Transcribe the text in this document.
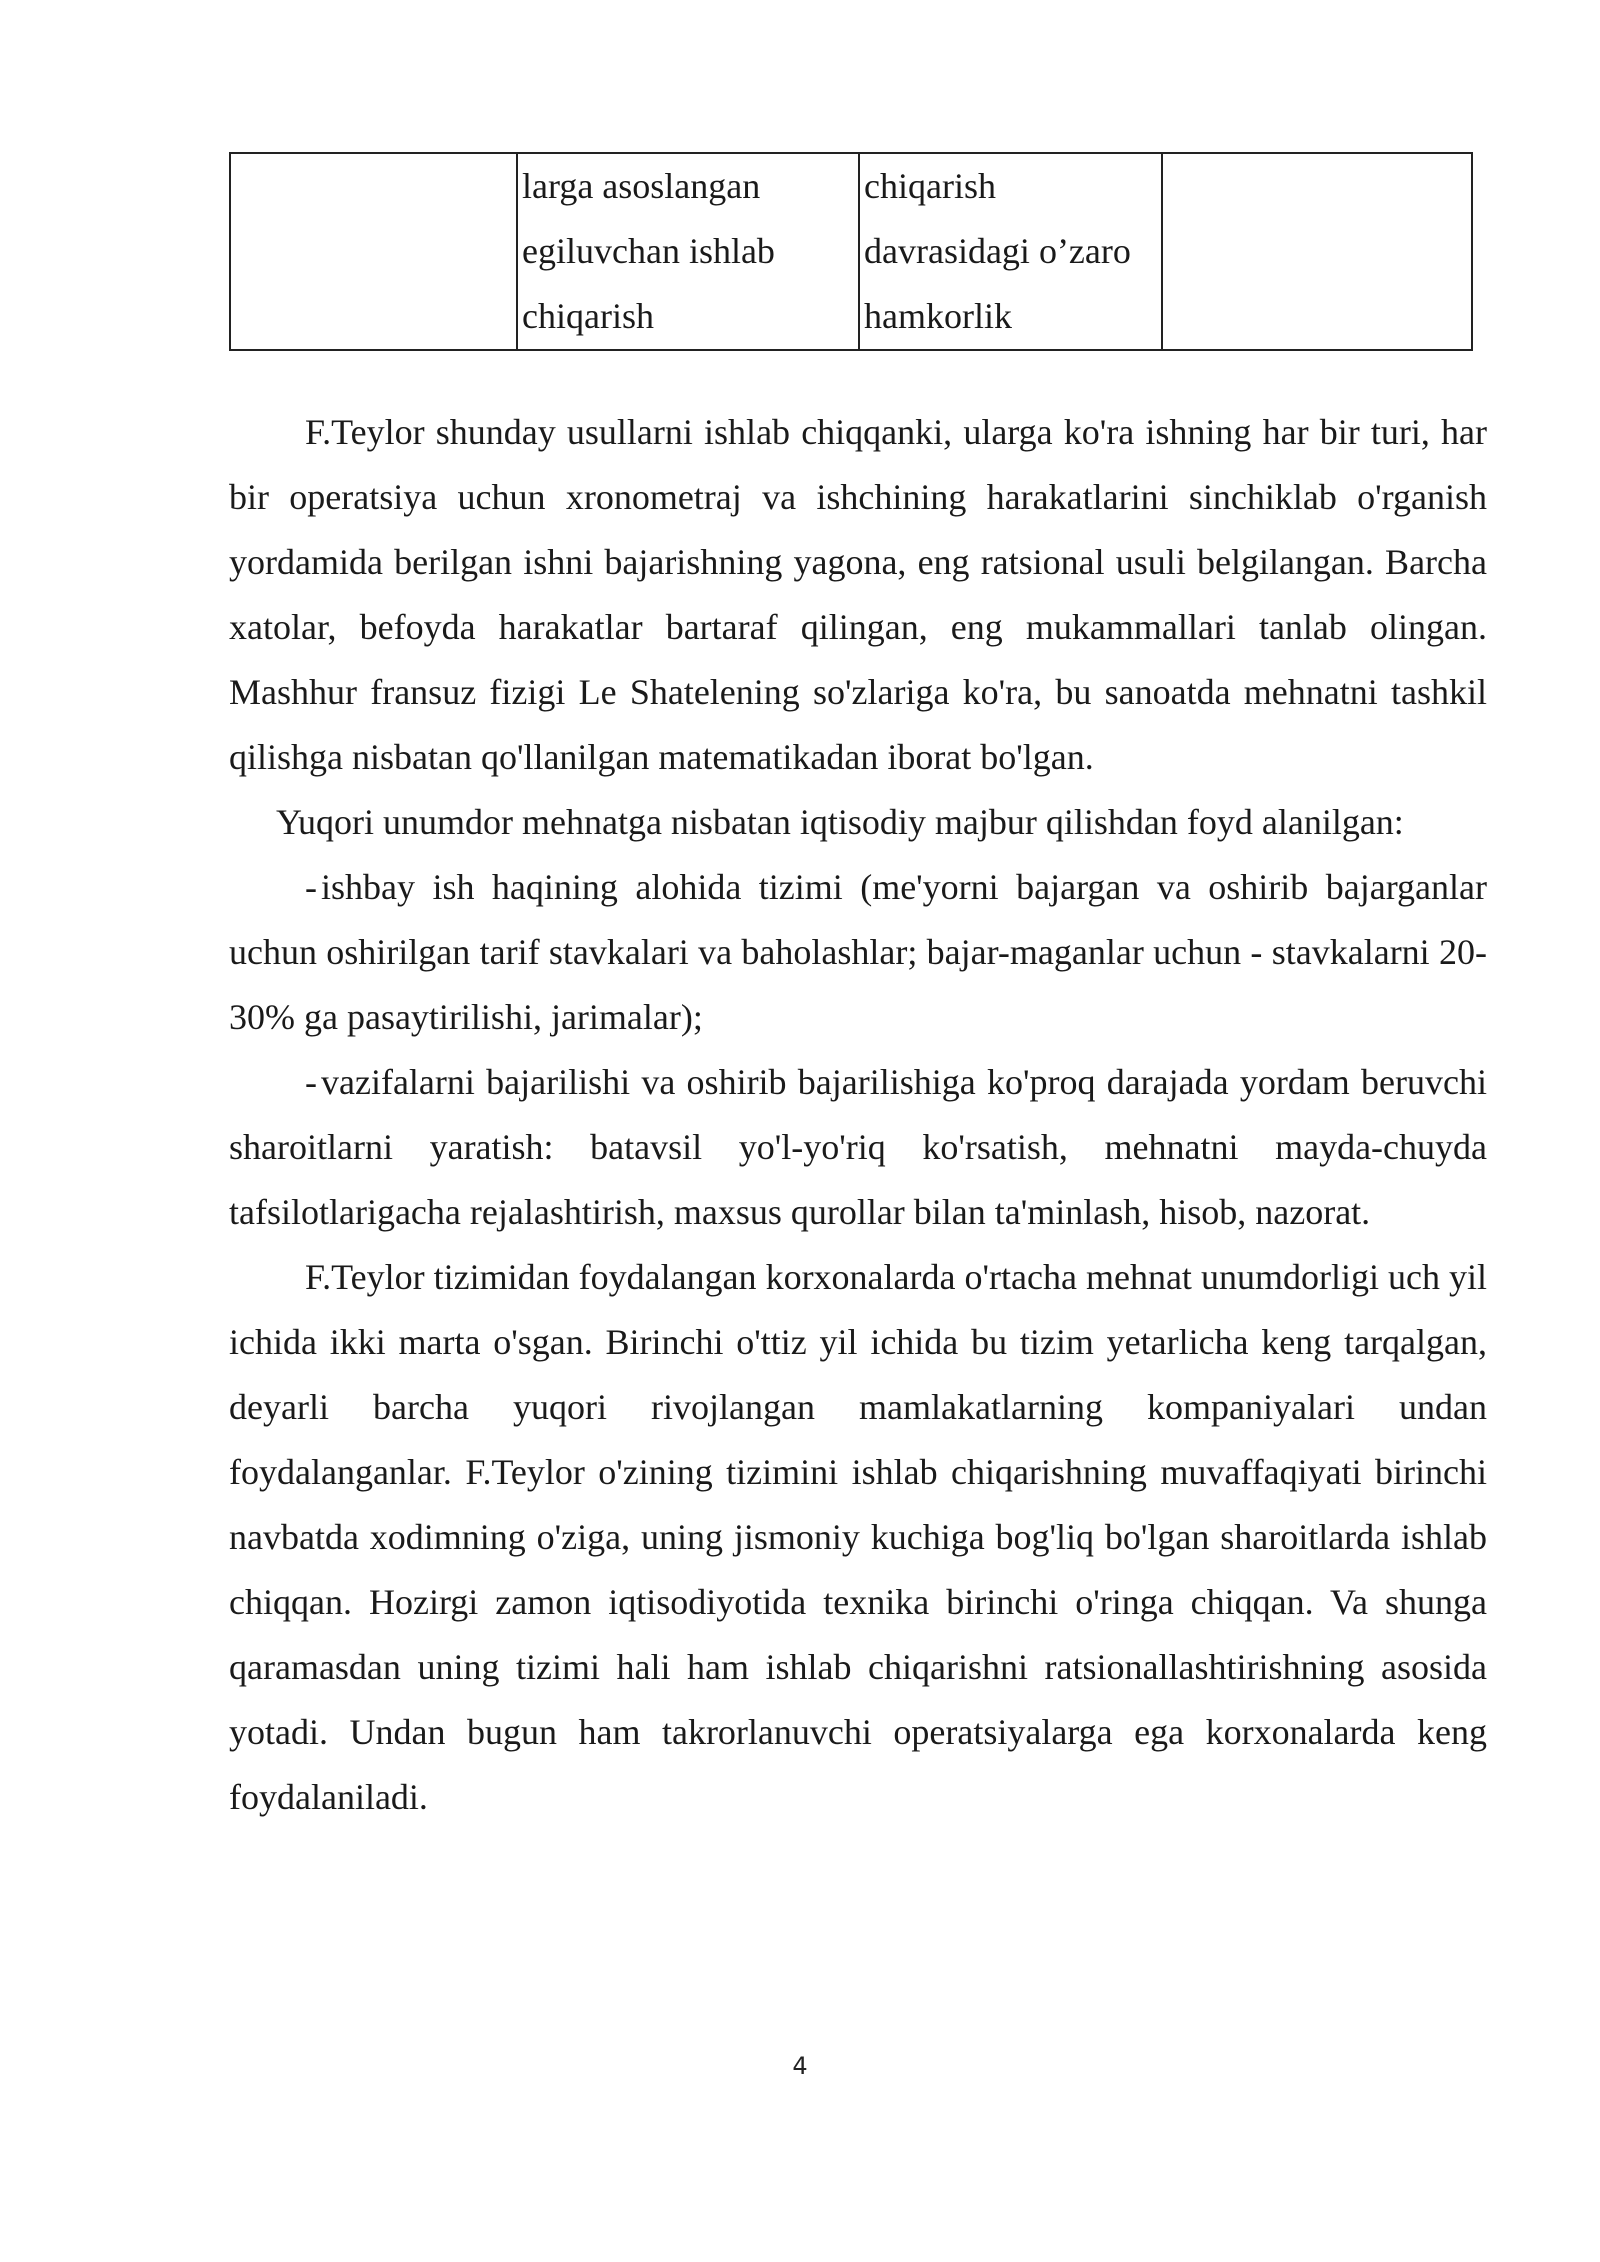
	larga asoslangan egiluvchan ishlab chiqarish	chiqarish davrasidagi o’zaro hamkorlik	

F.Teylor shunday usullarni ishlab chiqqanki, ularga ko'ra ishning har bir turi, har bir operatsiya uchun xronometraj va ishchining harakatlarini sinchiklab o'rganish yordamida berilgan ishni bajarishning yagona, eng ratsional usuli belgilangan. Barcha xatolar, befoyda harakatlar bartaraf qilingan, eng mukammallari tanlab olingan. Mashhur fransuz fizigi Le Shatelening so'zlariga ko'ra, bu sanoatda mehnatni tashkil qilishga nisbatan qo'llanilgan matematikadan iborat bo'lgan.

Yuqori unumdor mehnatga nisbatan iqtisodiy majbur qilishdan foyd alanilgan:

- ishbay ish haqining alohida tizimi (me'yorni bajargan va oshirib bajarganlar uchun oshirilgan tarif stavkalari va baholashlar; bajar-maganlar uchun - stavkalarni 20-30% ga pasaytirilishi, jarimalar);

- vazifalarni bajarilishi va oshirib bajarilishiga ko'proq darajada yordam beruvchi sharoitlarni yaratish: batavsil yo'l-yo'riq ko'rsatish, mehnatni mayda-chuyda tafsilotlarigacha rejalashtirish, maxsus qurollar bilan ta'minlash, hisob, nazorat.

F.Teylor tizimidan foydalangan korxonalarda o'rtacha mehnat unumdorligi uch yil ichida ikki marta o'sgan. Birinchi o'ttiz yil ichida bu tizim yetarlicha keng tarqalgan, deyarli barcha yuqori rivojlangan mamlakatlarning kompaniyalari undan foydalanganlar. F.Teylor o'zining tizimini ishlab chiqarishning muvaffaqiyati birinchi navbatda xodimning o'ziga, uning jismoniy kuchiga bog'liq bo'lgan sharoitlarda ishlab chiqqan. Hozirgi zamon iqtisodiyotida texnika birinchi o'ringa chiqqan. Va shunga qaramasdan uning tizimi hali ham ishlab chiqarishni ratsionallashtirishning asosida yotadi. Undan bugun ham takrorlanuvchi operatsiyalarga ega korxonalarda keng foydalaniladi.

4
